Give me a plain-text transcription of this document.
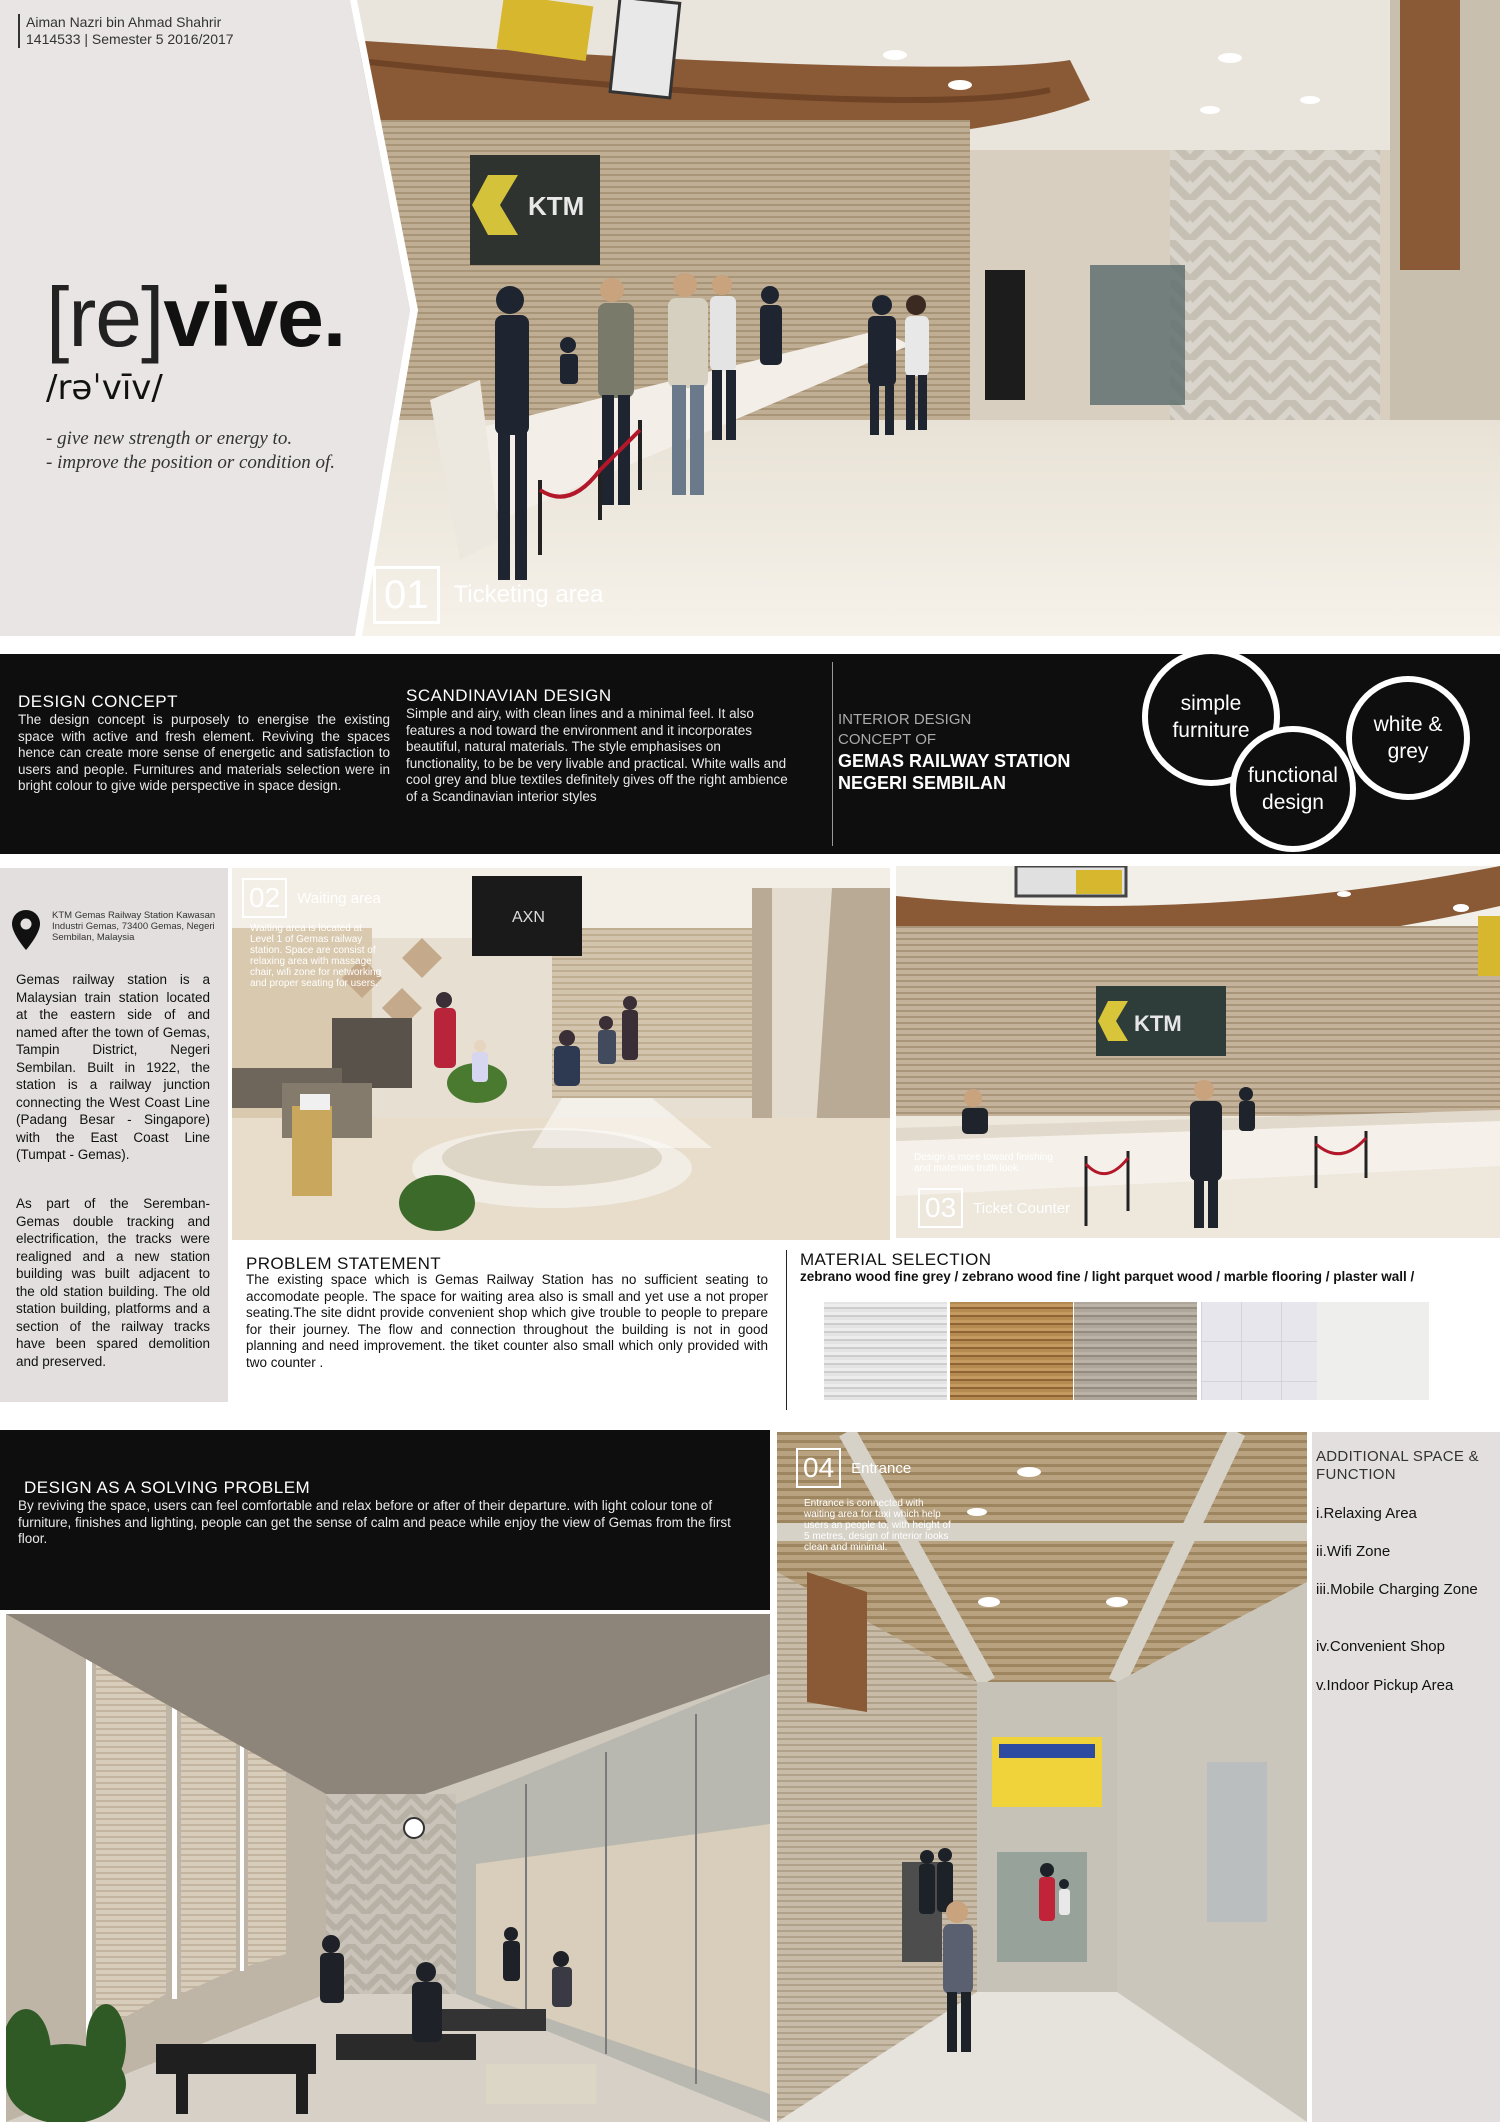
KTM
Aiman Nazri bin Ahmad Shahrir
1414533 | Semester 5 2016/2017
[re]vive.
/rəˈvīv/
- give new strength or energy to.
- improve the position or condition of.
01	Ticketing area
DESIGN CONCEPT
The design concept is purposely to energise the existing space with active and fresh element. Reviving the spaces hence can create more sense of energetic and satisfaction to users and people. Furnitures and materials selection were in bright colour to give wide perspective in space design.
SCANDINAVIAN DESIGN
Simple and airy, with clean lines and a minimal feel. It also features a nod toward the environment and it incorporates beautiful, natural materials. The style emphasises on functionality, to be be very livable and practical. White walls and cool grey and blue textiles definitely gives off the right ambience of a Scandinavian interior styles
INTERIOR DESIGN
CONCEPT OF
GEMAS RAILWAY STATION
NEGERI SEMBILAN
simple furniture	white & grey
functional design
KTM Gemas Railway Station Kawasan Industri Gemas, 73400 Gemas, Negeri Sembilan, Malaysia
Gemas railway station is a Malaysian train station located at the eastern side of and named after the town of Gemas, Tampin District, Negeri Sembilan. Built in 1922, the station is a railway junction connecting the West Coast Line (Padang Besar - Singapore) with the East Coast Line (Tumpat - Gemas).
As part of the Seremban-Gemas double tracking and electrification, the tracks were realigned and a new station building was built adjacent to the old station building. The old station building, platforms and a section of the railway tracks have been spared demolition and preserved.
AXN
02	Waiting area
Waiting area is located at Level 1 of Gemas railway station. Space are consist of relaxing area with massage chair, wifi zone for networking and proper seating for users.
KTM
Design is more toward finishing and materials truth look.
03	Ticket Counter
PROBLEM STATEMENT
The existing space which is Gemas Railway Station has no sufficient seating to accomodate people. The space for waiting area also is small and yet use a not proper seating.The site didnt provide convenient shop which give trouble to people to prepare for their journey. The flow and connection throughout the building is not in good planning and need improvement. the tiket counter also small which only provided with two counter .
MATERIAL SELECTION
zebrano wood fine grey / zebrano wood fine / light parquet wood / marble flooring / plaster wall /
DESIGN AS A SOLVING PROBLEM
By reviving the space, users can feel comfortable and relax before or after of their departure. with light colour tone of furniture, finishes and lighting, people can get the sense of calm and peace while enjoy the view of Gemas from the first floor.
04	Entrance
Entrance is connected with waiting area for taxi which help users an people to, with height of 5 metres, design of interior looks clean and minimal.
ADDITIONAL SPACE & FUNCTION
i.Relaxing Area
ii.Wifi Zone
iii.Mobile Charging Zone
iv.Convenient Shop
v.Indoor Pickup Area
